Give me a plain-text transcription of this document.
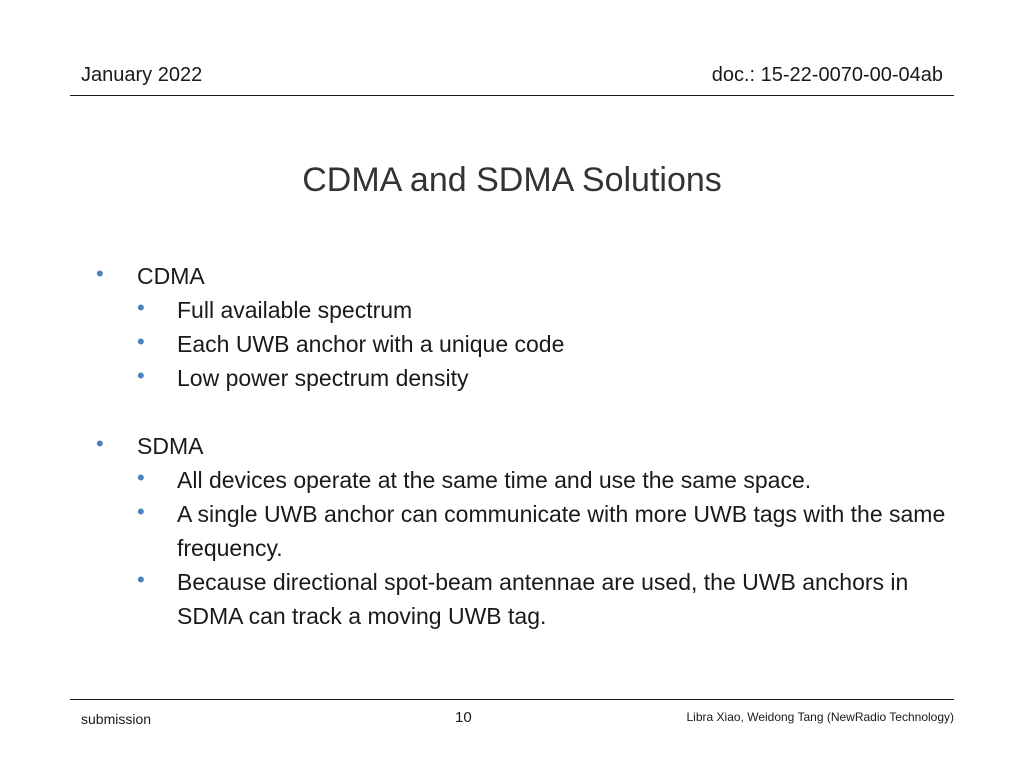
January 2022	doc.: 15-22-0070-00-04ab
CDMA and SDMA Solutions
• CDMA
• Full available spectrum
• Each UWB anchor with a unique code
• Low power spectrum density
• SDMA
• All devices operate at the same time and use the same space.
• A single UWB anchor can communicate with more UWB tags with the same frequency.
• Because directional spot-beam antennae are used, the UWB anchors in SDMA can track a moving UWB tag.
submission	10	Libra Xiao, Weidong Tang (NewRadio Technology)
